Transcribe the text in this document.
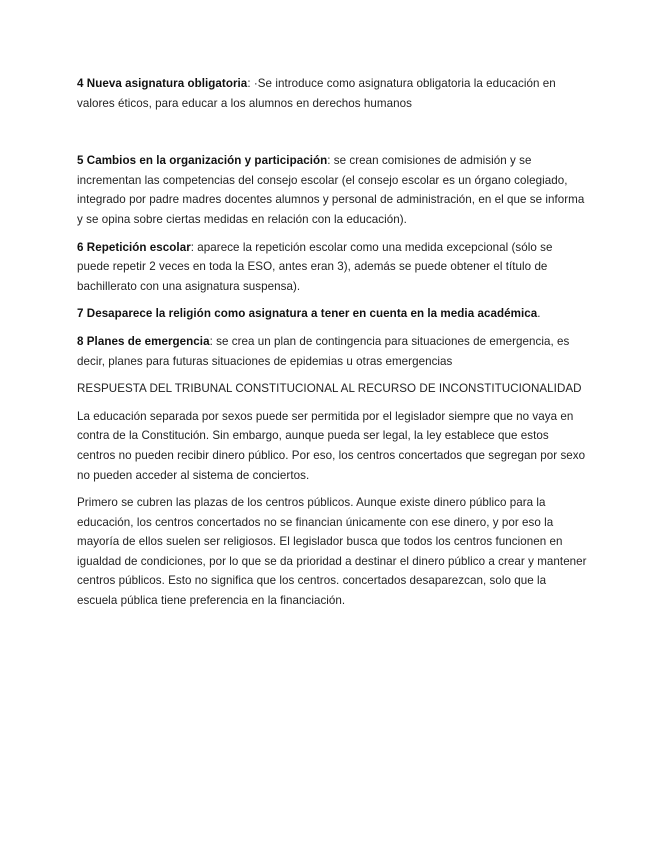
4 Nueva asignatura obligatoria: ·Se introduce como asignatura obligatoria la educación en valores éticos, para educar a los alumnos en derechos humanos

5 Cambios en la organización y participación: se crean comisiones de admisión y se incrementan las competencias del consejo escolar (el consejo escolar es un órgano colegiado, integrado por padre madres docentes alumnos y personal de administración, en el que se informa y se opina sobre ciertas medidas en relación con la educación).

6 Repetición escolar: aparece la repetición escolar como una medida excepcional (sólo se puede repetir 2 veces en toda la ESO, antes eran 3), además se puede obtener el título de bachillerato con una asignatura suspensa).

7 Desaparece la religión como asignatura a tener en cuenta en la media académica.

8 Planes de emergencia: se crea un plan de contingencia para situaciones de emergencia, es decir, planes para futuras situaciones de epidemias u otras emergencias

RESPUESTA DEL TRIBUNAL CONSTITUCIONAL AL RECURSO DE INCONSTITUCIONALIDAD

La educación separada por sexos puede ser permitida por el legislador siempre que no vaya en contra de la Constitución. Sin embargo, aunque pueda ser legal, la ley establece que estos centros no pueden recibir dinero público. Por eso, los centros concertados que segregan por sexo no pueden acceder al sistema de conciertos.

Primero se cubren las plazas de los centros públicos. Aunque existe dinero público para la educación, los centros concertados no se financian únicamente con ese dinero, y por eso la mayoría de ellos suelen ser religiosos. El legislador busca que todos los centros funcionen en igualdad de condiciones, por lo que se da prioridad a destinar el dinero público a crear y mantener centros públicos. Esto no significa que los centros. concertados desaparezcan, solo que la escuela pública tiene preferencia en la financiación.
